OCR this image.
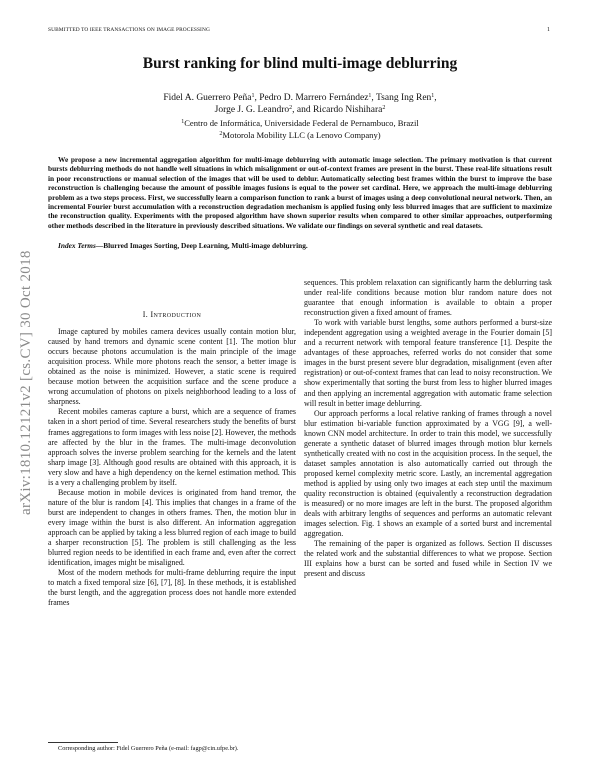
SUBMITTED TO IEEE TRANSACTIONS ON IMAGE PROCESSING	1
arXiv:1810.12121v2 [cs.CV] 30 Oct 2018
Burst ranking for blind multi-image deblurring
Fidel A. Guerrero Peña$^1$, Pedro D. Marrero Fernández$^1$, Tsang Ing Ren$^1$,
Jorge J. G. Leandro$^2$, and Ricardo Nishihara$^2$
$^1$Centro de Informática, Universidade Federal de Pernambuco, Brazil
$^2$Motorola Mobility LLC (a Lenovo Company)
We propose a new incremental aggregation algorithm for multi-image deblurring with automatic image selection. The primary motivation is that current bursts deblurring methods do not handle well situations in which misalignment or out-of-context frames are present in the burst. These real-life situations result in poor reconstructions or manual selection of the images that will be used to deblur. Automatically selecting best frames within the burst to improve the base reconstruction is challenging because the amount of possible images fusions is equal to the power set cardinal. Here, we approach the multi-image deblurring problem as a two steps process. First, we successfully learn a comparison function to rank a burst of images using a deep convolutional neural network. Then, an incremental Fourier burst accumulation with a reconstruction degradation mechanism is applied fusing only less blurred images that are sufficient to maximize the reconstruction quality. Experiments with the proposed algorithm have shown superior results when compared to other similar approaches, outperforming other methods described in the literature in previously described situations. We validate our findings on several synthetic and real datasets.
Index Terms—Blurred Images Sorting, Deep Learning, Multi-image deblurring.
I. Introduction

Image captured by mobiles camera devices usually contain motion blur, caused by hand tremors and dynamic scene content [1]. The motion blur occurs because photons accumulation is the main principle of the image acquisition process. While more photons reach the sensor, a better image is obtained as the noise is minimized. However, a static scene is required because motion between the acquisition surface and the scene produce a wrong accumulation of photons on pixels neighborhood leading to a loss of sharpness.

Recent mobiles cameras capture a burst, which are a sequence of frames taken in a short period of time. Several researchers study the benefits of burst frames aggregations to form images with less noise [2]. However, the methods are affected by the blur in the frames. The multi-image deconvolution approach solves the inverse problem searching for the kernels and the latent sharp image [3]. Although good results are obtained with this approach, it is very slow and have a high dependency on the kernel estimation method. This is a very a challenging problem by itself.

Because motion in mobile devices is originated from hand tremor, the nature of the blur is random [4]. This implies that changes in a frame of the burst are independent to changes in others frames. Then, the motion blur in every image within the burst is also different. An information aggregation approach can be applied by taking a less blurred region of each image to build a sharper reconstruction [5]. The problem is still challenging as the less blurred region needs to be identified in each frame and, even after the correct identification, images might be misaligned.

Most of the modern methods for multi-frame deblurring require the input to match a fixed temporal size [6], [7], [8]. In these methods, it is established the burst length, and the aggregation process does not handle more extended frames

sequences. This problem relaxation can significantly harm the deblurring task under real-life conditions because motion blur random nature does not guarantee that enough information is available to obtain a proper reconstruction given a fixed amount of frames.

To work with variable burst lengths, some authors performed a burst-size independent aggregation using a weighted average in the Fourier domain [5] and a recurrent network with temporal feature transference [1]. Despite the advantages of these approaches, referred works do not consider that some images in the burst present severe blur degradation, misalignment (even after registration) or out-of-context frames that can lead to noisy reconstruction. We show experimentally that sorting the burst from less to higher blurred images and then applying an incremental aggregation with automatic frame selection will result in better image deblurring.

Our approach performs a local relative ranking of frames through a novel blur estimation bi-variable function approximated by a VGG [9], a well-known CNN model architecture. In order to train this model, we successfully generate a synthetic dataset of blurred images through motion blur kernels synthetically created with no cost in the acquisition process. In the sequel, the dataset samples annotation is also automatically carried out through the proposed kernel complexity metric score. Lastly, an incremental aggregation method is applied by using only two images at each step until the maximum quality reconstruction is obtained (equivalently a reconstruction degradation is measured) or no more images are left in the burst. The proposed algorithm deals with arbitrary lengths of sequences and performs an automatic relevant images selection. Fig. 1 shows an example of a sorted burst and incremental aggregation.

The remaining of the paper is organized as follows. Section II discusses the related work and the substantial differences to what we propose. Section III explains how a burst can be sorted and fused while in Section IV we present and discuss

Corresponding author: Fidel Guerrero Peña (e-mail: fagp@cin.ufpe.br).
